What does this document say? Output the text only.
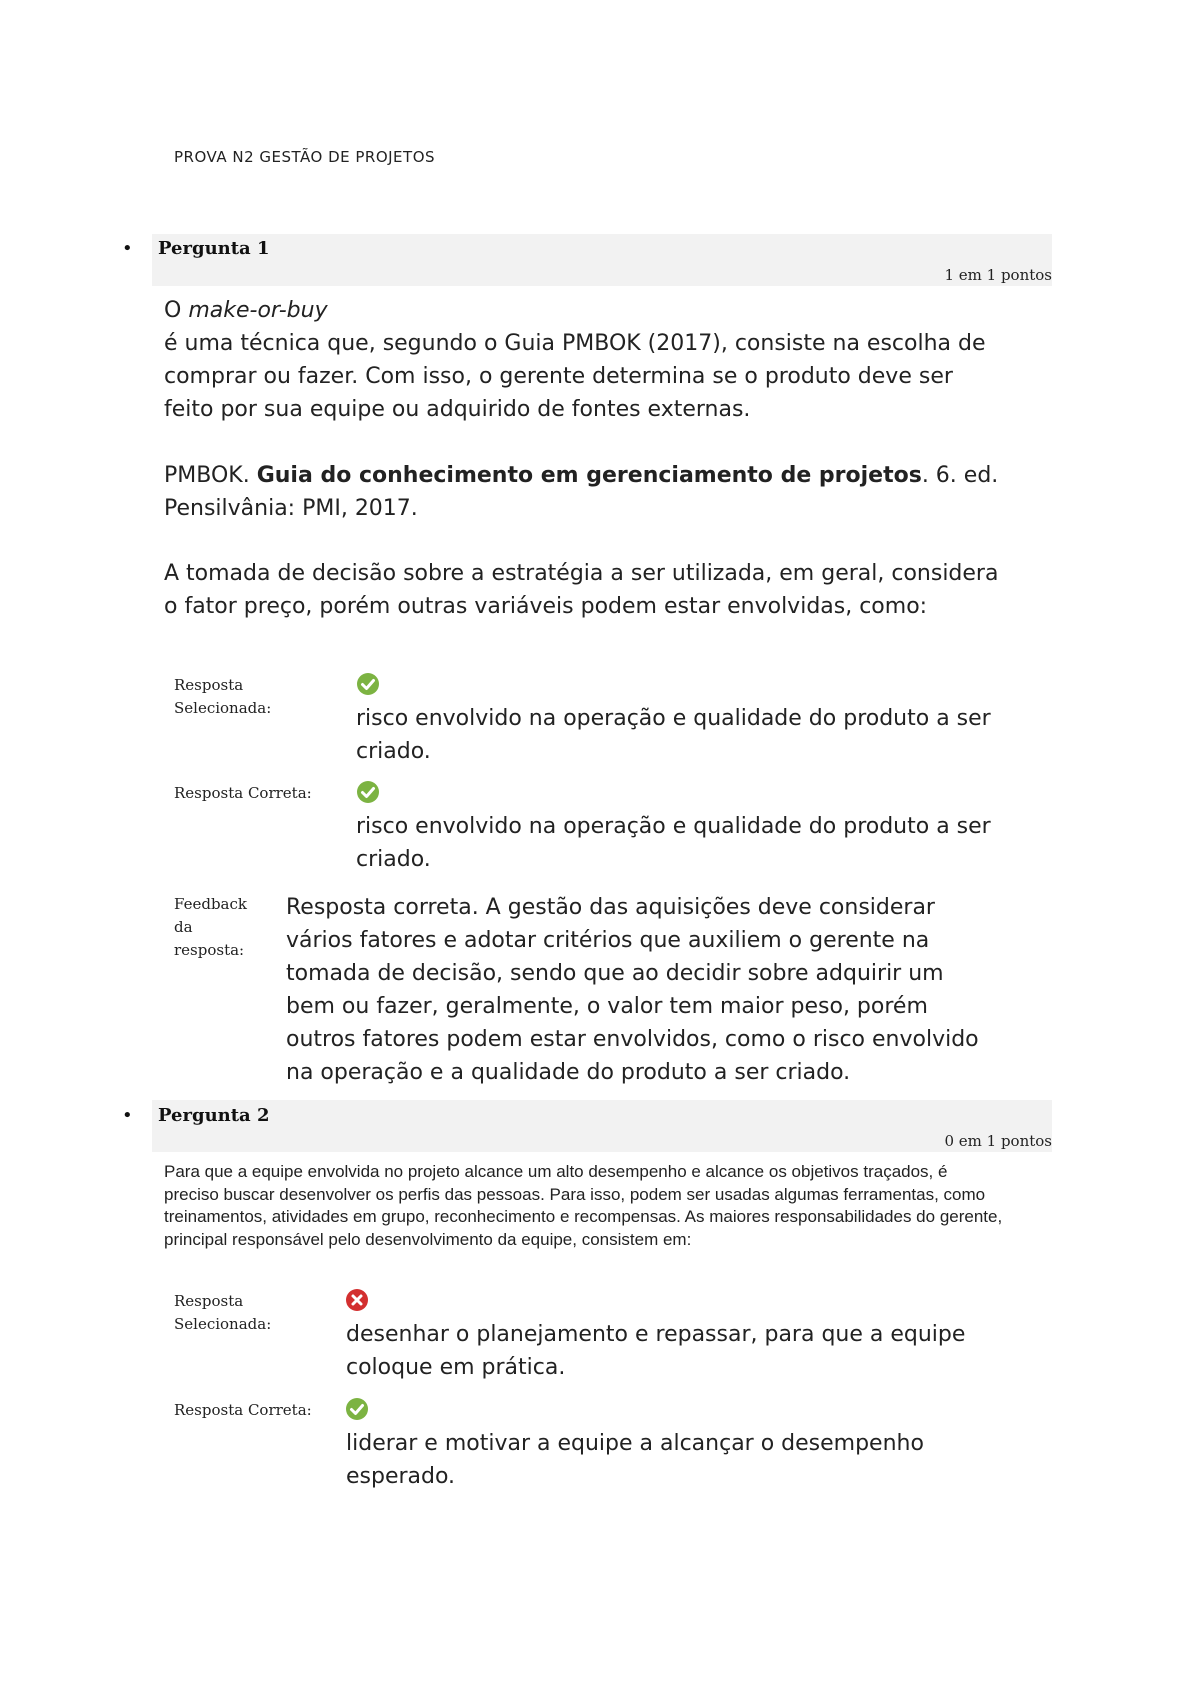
PROVA N2 GESTÃO DE PROJETOS
• Pergunta 1
1 em 1 pontos

O make-or-buy

é uma técnica que, segundo o Guia PMBOK (2017), consiste na escolha de comprar ou fazer. Com isso, o gerente determina se o produto deve ser feito por sua equipe ou adquirido de fontes externas.

PMBOK. Guia do conhecimento em gerenciamento de projetos. 6. ed. Pensilvânia: PMI, 2017.

A tomada de decisão sobre a estratégia a ser utilizada, em geral, considera o fator preço, porém outras variáveis podem estar envolvidas, como:

Resposta Selecionada:	risco envolvido na operação e qualidade do produto a ser criado.

Resposta Correta:

risco envolvido na operação e qualidade do produto a ser criado.

Feedback da resposta:

Resposta correta. A gestão das aquisições deve considerar vários fatores e adotar critérios que auxiliem o gerente na tomada de decisão, sendo que ao decidir sobre adquirir um bem ou fazer, geralmente, o valor tem maior peso, porém outros fatores podem estar envolvidos, como o risco envolvido na operação e a qualidade do produto a ser criado.

• Pergunta 2
0 em 1 pontos

Para que a equipe envolvida no projeto alcance um alto desempenho e alcance os objetivos traçados, é preciso buscar desenvolver os perfis das pessoas. Para isso, podem ser usadas algumas ferramentas, como treinamentos, atividades em grupo, reconhecimento e recompensas. As maiores responsabilidades do gerente, principal responsável pelo desenvolvimento da equipe, consistem em:

Resposta Selecionada:	desenhar o planejamento e repassar, para que a equipe coloque em prática.

Resposta Correta:

liderar e motivar a equipe a alcançar o desempenho esperado.
